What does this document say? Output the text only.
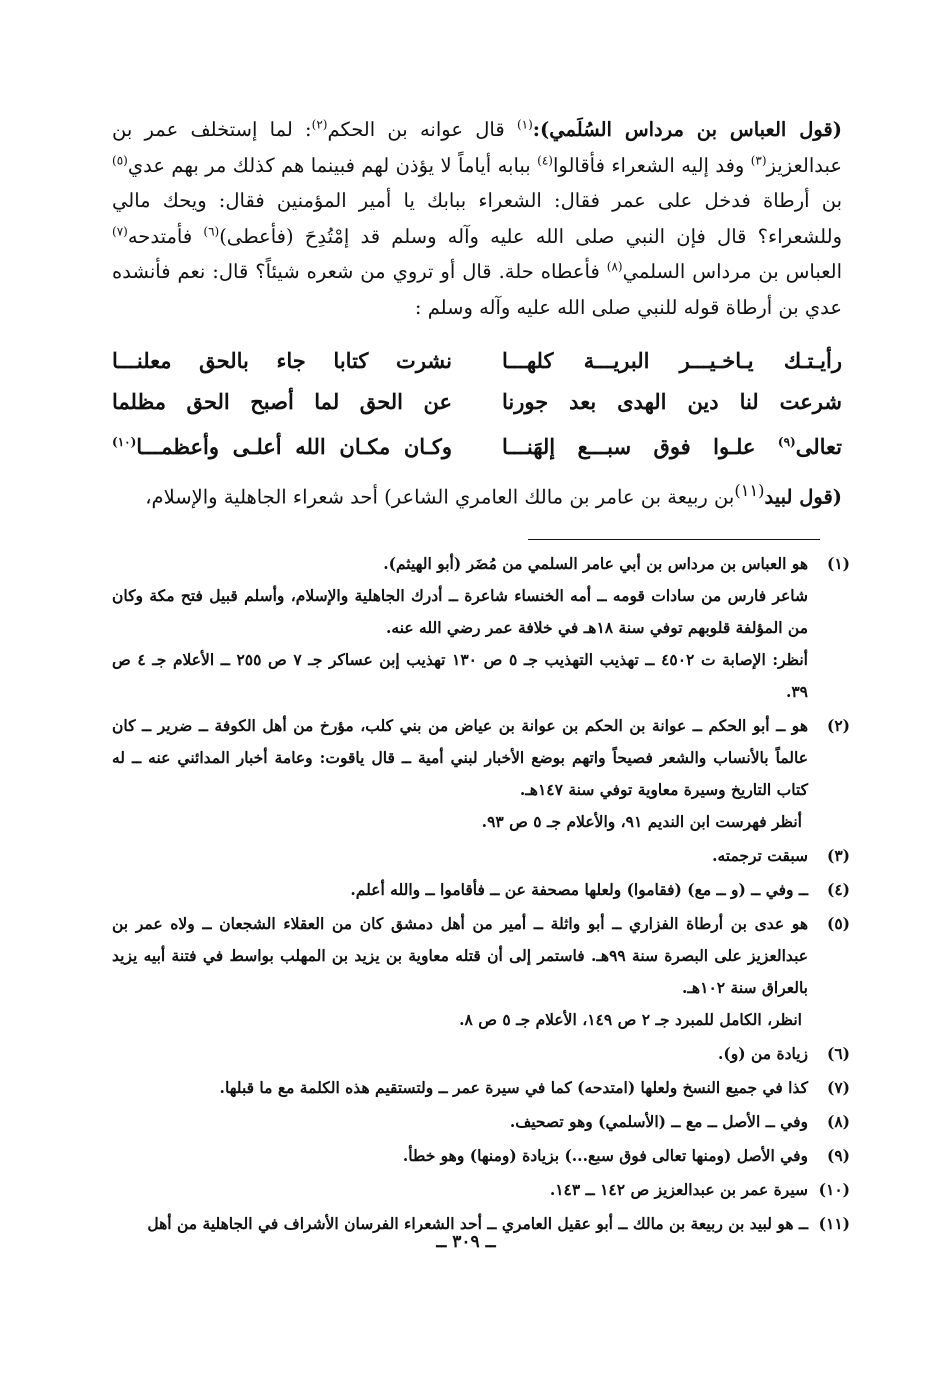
(قول العباس بن مرداس السُلَمي):$^{(١)}$ قال عوانه بن الحكم$^{(٢)}$: لما إستخلف عمر بن عبدالعزيز$^{(٣)}$ وفد إليه الشعراء فأقالوا$^{(٤)}$ ببابه أياماً لا يؤذن لهم فبينما هم كذلك مر بهم عدي$^{(٥)}$ بن أرطاة فدخل على عمر فقال: الشعراء ببابك يا أمير المؤمنين فقال: ويحك مالي وللشعراء؟ قال فإن النبي صلى الله عليه وآله وسلم قد إمْتُدِحَ (فأعطى)$^{(٦)}$ فأمتدحه$^{(٧)}$ العباس بن مرداس السلمي$^{(٨)}$ فأعطاه حلة. قال أو تروي من شعره شيئاً؟ قال: نعم فأنشده عدي بن أرطاة قوله للنبي صلى الله عليه وآله وسلم :

رأيـتـك يـاخـيـــر البريـــة كلهـــا
نشرت كتابا جاء بالحق معلنـــا
شرعت لنا دين الهدى بعد جورنا
عن الحق لما أصبح الحق مظلما
تعالى$^{(٩)}$ علـوا فوق سبـــع إلهَنـــا
وكـان مكـان الله أعلـى وأعظمـــا$^{(١٠)}$

(قول لبيد$^{(١١)}$بن ربيعة بن عامر بن مالك العامري الشاعر) أحد شعراء الجاهلية والإسلام،

(١)

هو العباس بن مرداس بن أبي عامر السلمي من مُضَر (أبو الهيثم).

شاعر فارس من سادات قومه ــ أمه الخنساء شاعرة ــ أدرك الجاهلية والإسلام، وأسلم قبيل فتح مكة وكان من المؤلفة قلوبهم توفي سنة ١٨هـ في خلافة عمر رضي الله عنه.

أنظر: الإصابة ت ٤٥٠٢ ــ تهذيب التهذيب جـ ٥ ص ١٣٠ تهذيب إبن عساكر جـ ٧ ص ٢٥٥ ــ الأعلام جـ ٤ ص ٣٩.

(٢)

هو ــ أبو الحكم ــ عوانة بن الحكم بن عوانة بن عياض من بني كلب، مؤرخ من أهل الكوفة ــ ضرير ــ كان عالماً بالأنساب والشعر فصيحاً واتهم بوضع الأخبار لبني أمية ــ قال ياقوت: وعامة أخبار المدائني عنه ــ له كتاب التاريخ وسيرة معاوية توفي سنة ١٤٧هـ.

أنظر فهرست ابن النديم ٩١، والأعلام جـ ٥ ص ٩٣.

(٣)

سبقت ترجمته.

(٤)

ــ وفي ــ (و ــ مع) (فقاموا) ولعلها مصحفة عن ــ فأقاموا ــ والله أعلم.

(٥)

هو عدى بن أرطاة الفزاري ــ أبو واثلة ــ أمير من أهل دمشق كان من العقلاء الشجعان ــ ولاه عمر بن عبدالعزيز على البصرة سنة ٩٩هـ. فاستمر إلى أن قتله معاوية بن يزيد بن المهلب بواسط في فتنة أبيه يزيد بالعراق سنة ١٠٢هـ.

انظر، الكامل للمبرد جـ ٢ ص ١٤٩، الأعلام جـ ٥ ص ٨.

(٦)

زيادة من (و).

(٧)

كذا في جميع النسخ ولعلها (امتدحه) كما في سيرة عمر ــ ولتستقيم هذه الكلمة مع ما قبلها.

(٨)

وفي ــ الأصل ــ مع ــ (الأسلمي) وهو تصحيف.

(٩)

وفي الأصل (ومنها تعالى فوق سبع...) بزيادة (ومنها) وهو خطأ.

(١٠)

سيرة عمر بن عبدالعزيز ص ١٤٢ ــ ١٤٣.

(١١)

ــ هو لبيد بن ربيعة بن مالك ــ أبو عقيل العامري ــ أحد الشعراء الفرسان الأشراف في الجاهلية من أهل

ــ ٣٠٩ ــ
